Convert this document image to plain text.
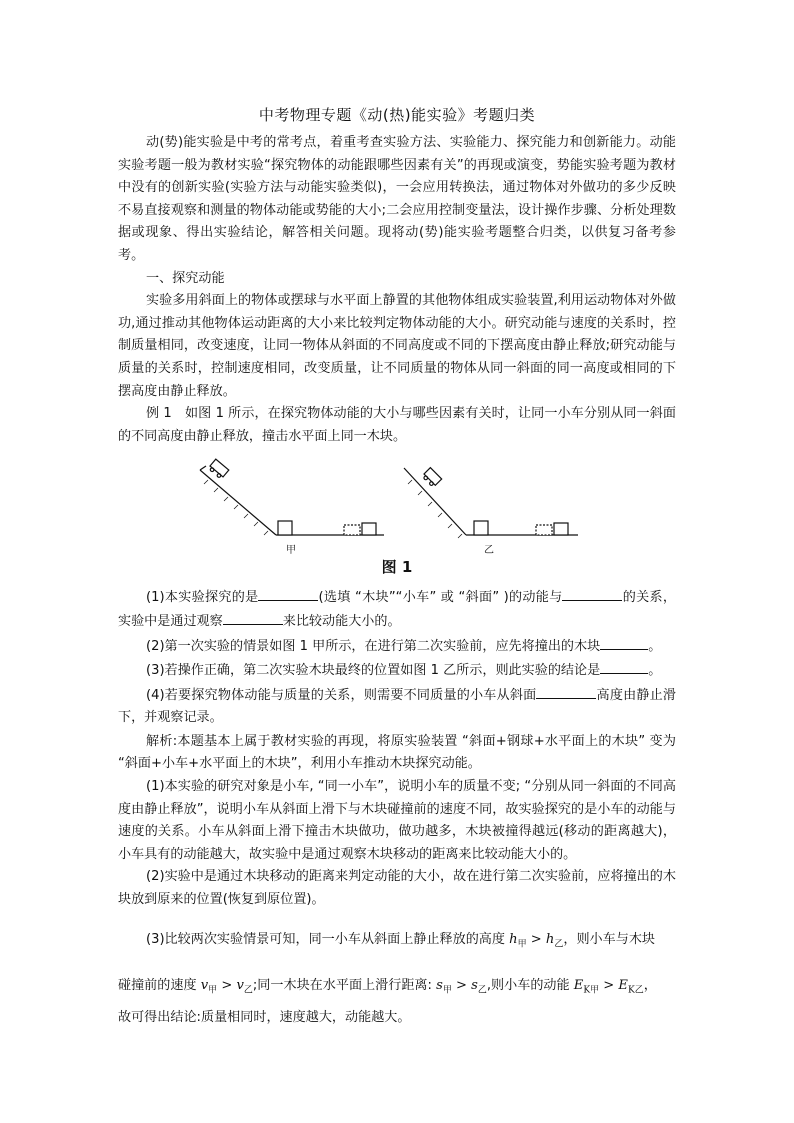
中考物理专题《动(热)能实验》考题归类

动(势)能实验是中考的常考点，着重考查实验方法、实验能力、探究能力和创新能力。动能实验考题一般为教材实验“探究物体的动能跟哪些因素有关”的再现或演变，势能实验考题为教材中没有的创新实验(实验方法与动能实验类似)，一会应用转换法，通过物体对外做功的多少反映不易直接观察和测量的物体动能或势能的大小;二会应用控制变量法，设计操作步骤、分析处理数据或现象、得出实验结论，解答相关问题。现将动(势)能实验考题整合归类，以供复习备考参考。

一、探究动能

实验多用斜面上的物体或摆球与水平面上静置的其他物体组成实验装置,利用运动物体对外做功,通过推动其他物体运动距离的大小来比较判定物体动能的大小。研究动能与速度的关系时，控制质量相同，改变速度，让同一物体从斜面的不同高度或不同的下摆高度由静止释放;研究动能与质量的关系时，控制速度相同，改变质量，让不同质量的物体从同一斜面的同一高度或相同的下摆高度由静止释放。

例 1　如图 1 所示，在探究物体动能的大小与哪些因素有关时，让同一小车分别从同一斜面的不同高度由静止释放，撞击水平面上同一木块。

甲	乙
图 1

(1)本实验探究的是	(选填 “木块”“小车” 或 “斜面” )的动能与	的关系，实验中是通过观察	来比较动能大小的。

(2)第一次实验的情景如图 1 甲所示，在进行第二次实验前，应先将撞出的木块	。

(3)若操作正确，第二次实验木块最终的位置如图 1 乙所示，则此实验的结论是	。

(4)若要探究物体动能与质量的关系，则需要不同质量的小车从斜面	高度由静止滑下，并观察记录。

解析:本题基本上属于教材实验的再现，将原实验装置 “斜面+钢球+水平面上的木块” 变为 “斜面+小车+水平面上的木块”，利用小车推动木块探究动能。

(1)本实验的研究对象是小车, “同一小车”，说明小车的质量不变; “分别从同一斜面的不同高度由静止释放”，说明小车从斜面上滑下与木块碰撞前的速度不同，故实验探究的是小车的动能与速度的关系。小车从斜面上滑下撞击木块做功，做功越多，木块被撞得越远(移动的距离越大)，小车具有的动能越大，故实验中是通过观察木块移动的距离来比较动能大小的。

(2)实验中是通过木块移动的距离来判定动能的大小，故在进行第二次实验前，应将撞出的木块放到原来的位置(恢复到原位置)。

(3)比较两次实验情景可知，同一小车从斜面上静止释放的高度 $h_甲 > h_乙$，则小车与木块

碰撞前的速度 $v_甲 > v_乙$;同一木块在水平面上滑行距离: $s_甲 > s_乙$,则小车的动能 $E_{K甲} > E_{K乙}$，

故可得出结论:质量相同时，速度越大，动能越大。
